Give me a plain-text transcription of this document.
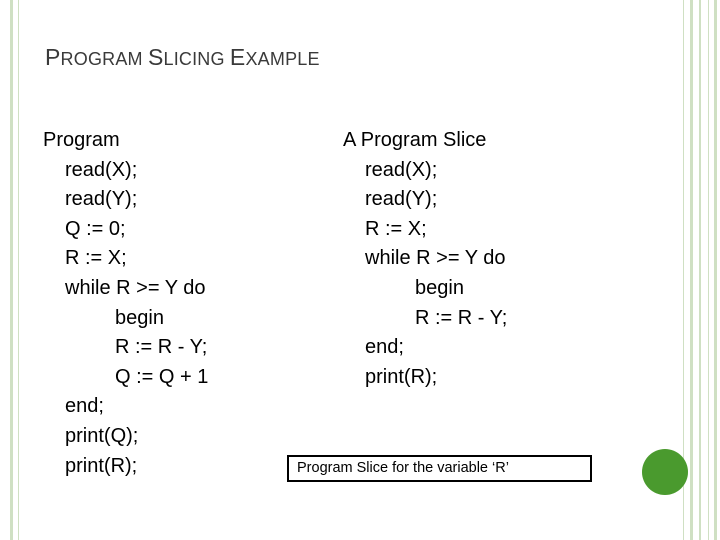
PROGRAM SLICING EXAMPLE
Program
read(X);
read(Y);
Q := 0;
R := X;
while R >= Y do
begin
R := R - Y;
Q := Q + 1
end;
print(Q);
print(R);
A Program Slice
read(X);
read(Y);
R := X;
while R >= Y do
begin
R := R - Y;
end;
print(R);
Program Slice for the variable ‘R’
